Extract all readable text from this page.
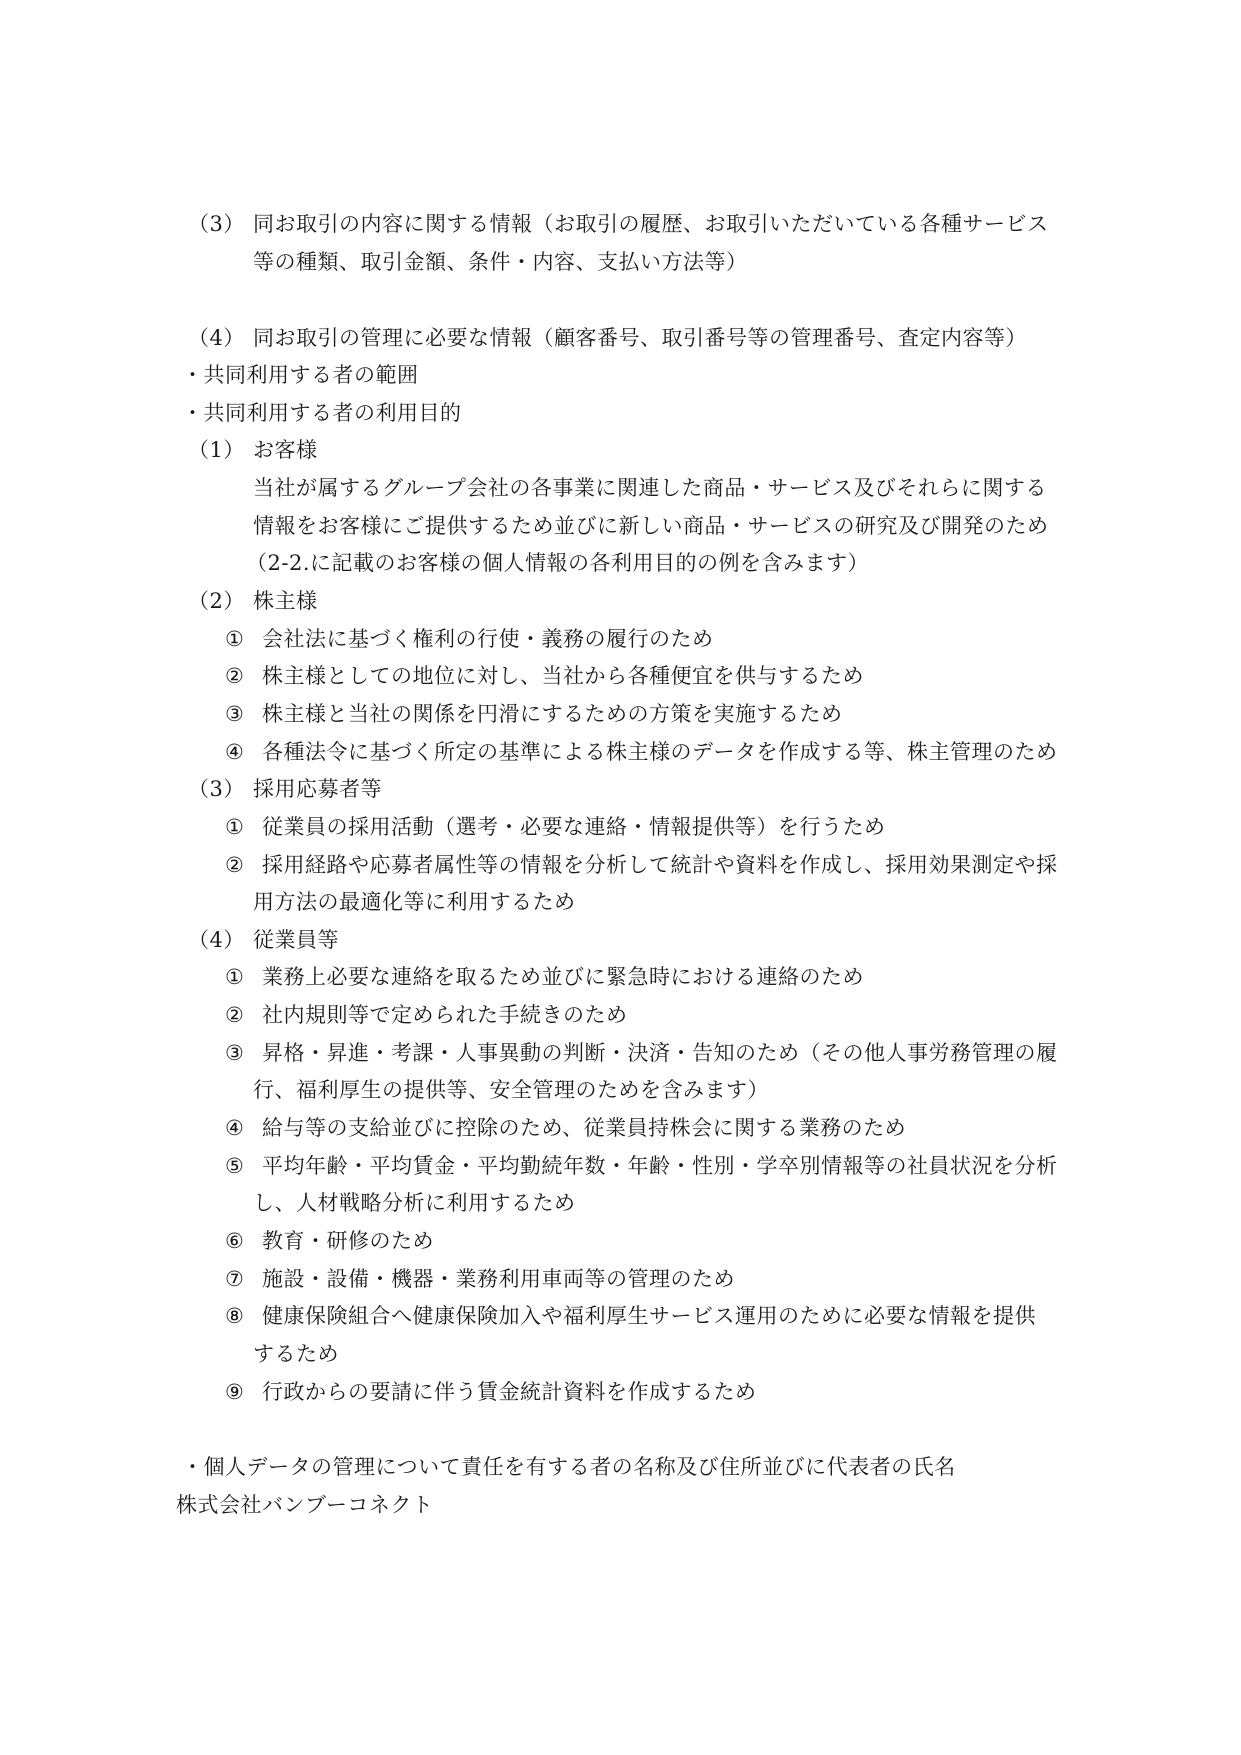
（3） 同お取引の内容に関する情報（お取引の履歴、お取引いただいている各種サービス
等の種類、取引金額、条件・内容、支払い方法等）
（4） 同お取引の管理に必要な情報（顧客番号、取引番号等の管理番号、査定内容等）
・共同利用する者の範囲
・共同利用する者の利用目的
（1） お客様
当社が属するグループ会社の各事業に関連した商品・サービス及びそれらに関する
情報をお客様にご提供するため並びに新しい商品・サービスの研究及び開発のため
（2-2.に記載のお客様の個人情報の各利用目的の例を含みます）
（2） 株主様
① 会社法に基づく権利の行使・義務の履行のため
② 株主様としての地位に対し、当社から各種便宜を供与するため
③ 株主様と当社の関係を円滑にするための方策を実施するため
④ 各種法令に基づく所定の基準による株主様のデータを作成する等、株主管理のため
（3） 採用応募者等
① 従業員の採用活動（選考・必要な連絡・情報提供等）を行うため
② 採用経路や応募者属性等の情報を分析して統計や資料を作成し、採用効果測定や採
用方法の最適化等に利用するため
（4） 従業員等
① 業務上必要な連絡を取るため並びに緊急時における連絡のため
② 社内規則等で定められた手続きのため
③ 昇格・昇進・考課・人事異動の判断・決済・告知のため（その他人事労務管理の履
行、福利厚生の提供等、安全管理のためを含みます）
④ 給与等の支給並びに控除のため、従業員持株会に関する業務のため
⑤ 平均年齢・平均賃金・平均勤続年数・年齢・性別・学卒別情報等の社員状況を分析
し、人材戦略分析に利用するため
⑥ 教育・研修のため
⑦ 施設・設備・機器・業務利用車両等の管理のため
⑧ 健康保険組合へ健康保険加入や福利厚生サービス運用のために必要な情報を提供
するため
⑨ 行政からの要請に伴う賃金統計資料を作成するため
・個人データの管理について責任を有する者の名称及び住所並びに代表者の氏名
株式会社バンブーコネクト
